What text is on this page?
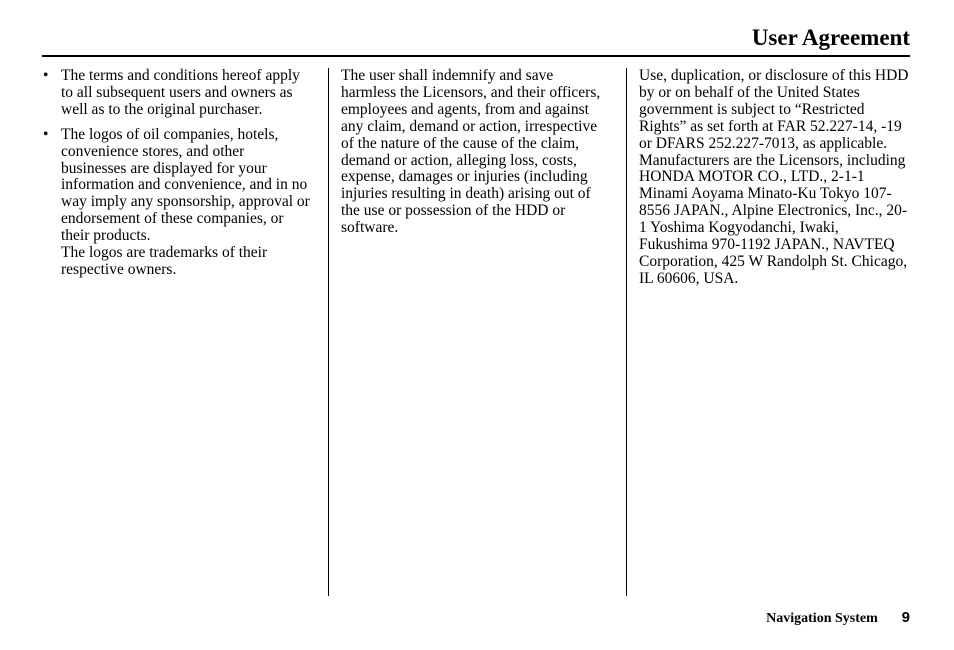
User Agreement
• The terms and conditions hereof apply to all subsequent users and owners as well as to the original purchaser.

• The logos of oil companies, hotels, convenience stores, and other businesses are displayed for your information and convenience, and in no way imply any sponsorship, approval or endorsement of these companies, or their products.

The logos are trademarks of their respective owners.

The user shall indemnify and save harmless the Licensors, and their officers, employees and agents, from and against any claim, demand or action, irrespective of the nature of the cause of the claim, demand or action, alleging loss, costs, expense, damages or injuries (including injuries resulting in death) arising out of the use or possession of the HDD or software.

Use, duplication, or disclosure of this HDD by or on behalf of the United States government is subject to “Restricted Rights” as set forth at FAR 52.227-14, -19 or DFARS 252.227-7013, as applicable. Manufacturers are the Licensors, including HONDA MOTOR CO., LTD., 2-1-1 Minami Aoyama Minato-Ku Tokyo 107-8556 JAPAN., Alpine Electronics, Inc., 20-1 Yoshima Kogyodanchi, Iwaki, Fukushima 970-1192 JAPAN., NAVTEQ Corporation, 425 W Randolph St. Chicago, IL 60606, USA.

Navigation System 9
